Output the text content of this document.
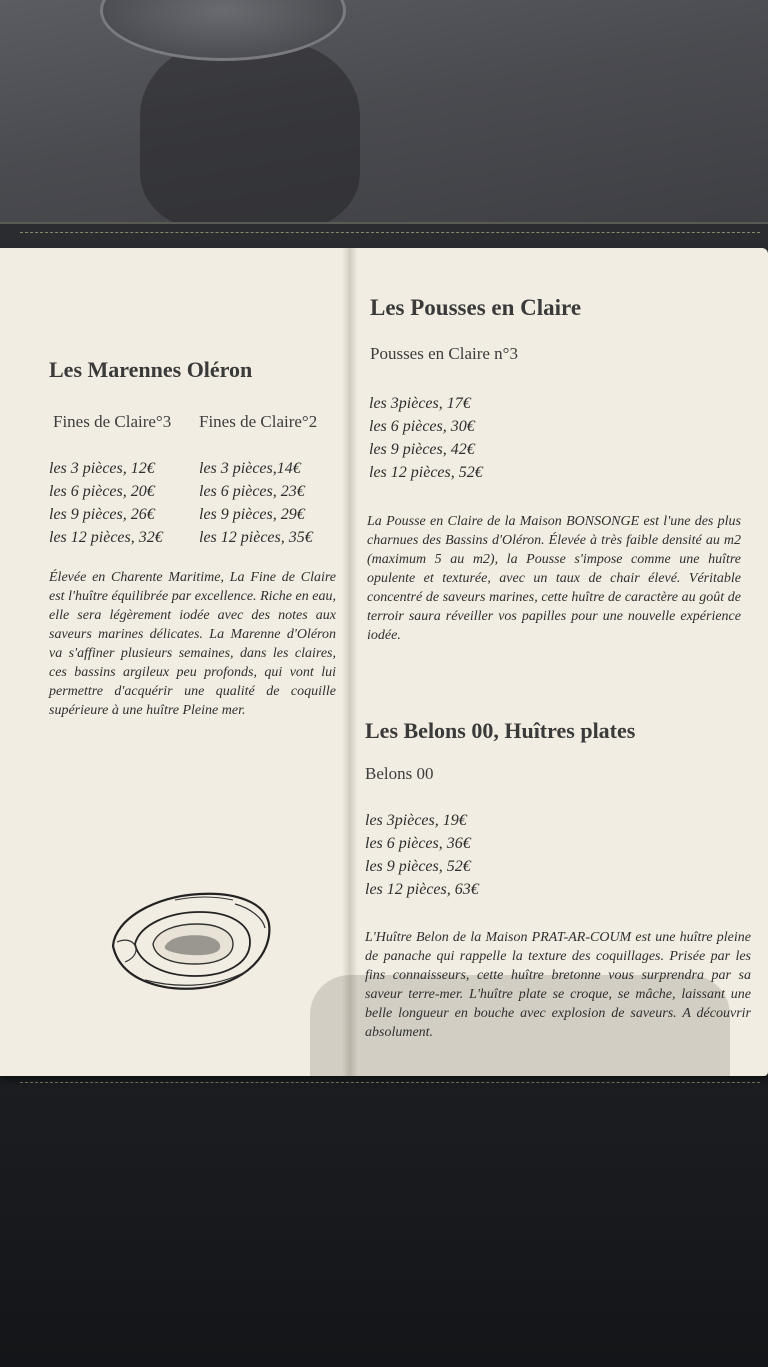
Les Marennes Oléron
Fines de Claire°3 Fines de Claire°2
les 3 pièces, 12€
les 6 pièces, 20€
les 9 pièces, 26€
les 12 pièces, 32€
les 3 pièces,14€
les 6 pièces, 23€
les 9 pièces, 29€
les 12 pièces, 35€

Élevée en Charente Maritime, La Fine de Claire est l'huître équilibrée par excellence. Riche en eau, elle sera légèrement iodée avec des notes aux saveurs marines délicates. La Marenne d'Oléron va s'affiner plusieurs semaines, dans les claires, ces bassins argileux peu profonds, qui vont lui permettre d'acquérir une qualité de coquille supérieure à une huître Pleine mer.

Les Pousses en Claire
Pousses en Claire n°3
les 3pièces, 17€
les 6 pièces, 30€
les 9 pièces, 42€
les 12 pièces, 52€

La Pousse en Claire de la Maison BONSONGE est l'une des plus charnues des Bassins d'Oléron. Élevée à très faible densité au m2 (maximum 5 au m2), la Pousse s'impose comme une huître opulente et texturée, avec un taux de chair élevé. Véritable concentré de saveurs marines, cette huître de caractère au goût de terroir saura réveiller vos papilles pour une nouvelle expérience iodée.

Les Belons 00, Huîtres plates
Belons 00
les 3pièces, 19€
les 6 pièces, 36€
les 9 pièces, 52€
les 12 pièces, 63€

L'Huître Belon de la Maison PRAT-AR-COUM est une huître pleine de panache qui rappelle la texture des coquillages. Prisée par les fins connaisseurs, cette huître bretonne vous surprendra par sa saveur terre-mer. L'huître plate se croque, se mâche, laissant une belle longueur en bouche avec explosion de saveurs. A découvrir absolument.
